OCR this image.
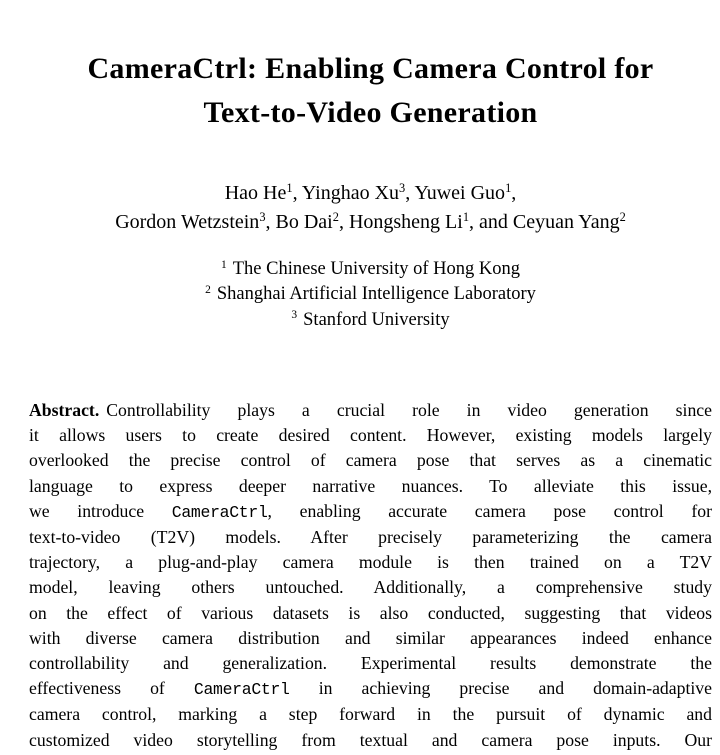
CameraCtrl: Enabling Camera Control for
Text-to-Video Generation
Hao He$^1$, Yinghao Xu$^3$, Yuwei Guo$^1$,
Gordon Wetzstein$^3$, Bo Dai$^2$, Hongsheng Li$^1$, and Ceyuan Yang$^2$
$^1$ The Chinese University of Hong Kong
$^2$ Shanghai Artificial Intelligence Laboratory
$^3$ Stanford University
Abstract. Controllability plays a crucial role in video generation since
it allows users to create desired content. However, existing models largely
overlooked the precise control of camera pose that serves as a cinematic
language to express deeper narrative nuances. To alleviate this issue,
we introduce CameraCtrl, enabling accurate camera pose control for
text-to-video (T2V) models. After precisely parameterizing the camera
trajectory, a plug-and-play camera module is then trained on a T2V
model, leaving others untouched. Additionally, a comprehensive study
on the effect of various datasets is also conducted, suggesting that videos
with diverse camera distribution and similar appearances indeed enhance
controllability and generalization. Experimental results demonstrate the
effectiveness of CameraCtrl in achieving precise and domain-adaptive
camera control, marking a step forward in the pursuit of dynamic and
customized video storytelling from textual and camera pose inputs. Our
